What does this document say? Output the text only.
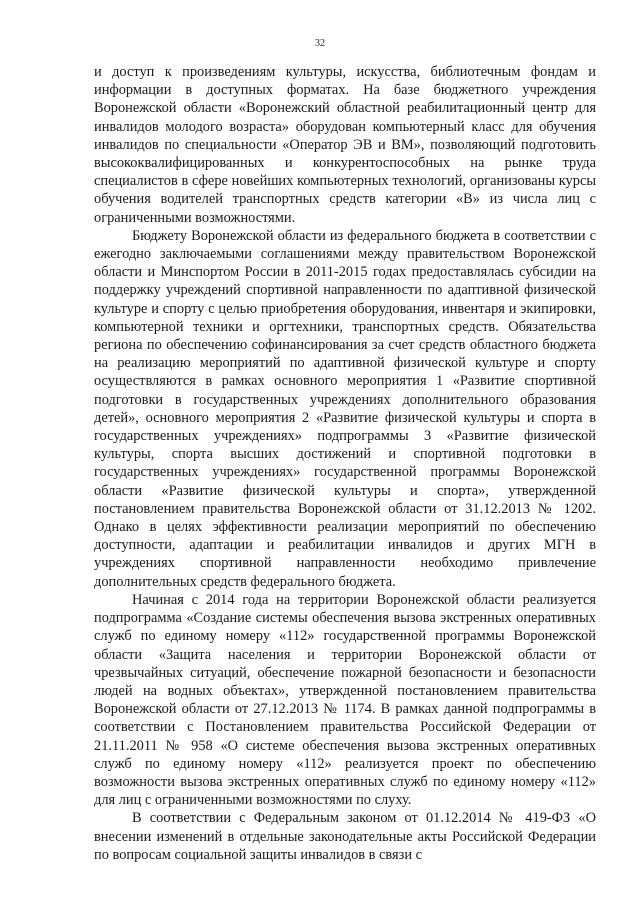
32

и доступ к произведениям культуры, искусства, библиотечным фондам и информации в доступных форматах. На базе бюджетного учреждения Воронежской области «Воронежский областной реабилитационный центр для инвалидов молодого возраста» оборудован компьютерный класс для обучения инвалидов по специальности «Оператор ЭВ и ВМ», позволяющий подготовить высококвалифицированных и конкурентоспособных на рынке труда специалистов в сфере новейших компьютерных технологий, организованы курсы обучения водителей транспортных средств категории «В» из числа лиц с ограниченными возможностями.

Бюджету Воронежской области из федерального бюджета в соответствии с ежегодно заключаемыми соглашениями между правительством Воронежской области и Минспортом России в 2011-2015 годах предоставлялась субсидии на поддержку учреждений спортивной направленности по адаптивной физической культуре и спорту с целью приобретения оборудования, инвентаря и экипировки, компьютерной техники и оргтехники, транспортных средств. Обязательства региона по обеспечению софинансирования за счет средств областного бюджета на реализацию мероприятий по адаптивной физической культуре и спорту осуществляются в рамках основного мероприятия 1 «Развитие спортивной подготовки в государственных учреждениях дополнительного образования детей», основного мероприятия 2 «Развитие физической культуры и спорта в государственных учреждениях» подпрограммы 3 «Развитие физической культуры, спорта высших достижений и спортивной подготовки в государственных учреждениях» государственной программы Воронежской области «Развитие физической культуры и спорта», утвержденной постановлением правительства Воронежской области от 31.12.2013 № 1202. Однако в целях эффективности реализации мероприятий по обеспечению доступности, адаптации и реабилитации инвалидов и других МГН в учреждениях спортивной направленности необходимо привлечение дополнительных средств федерального бюджета.

Начиная с 2014 года на территории Воронежской области реализуется подпрограмма «Создание системы обеспечения вызова экстренных оперативных служб по единому номеру «112» государственной программы Воронежской области «Защита населения и территории Воронежской области от чрезвычайных ситуаций, обеспечение пожарной безопасности и безопасности людей на водных объектах», утвержденной постановлением правительства Воронежской области от 27.12.2013 № 1174. В рамках данной подпрограммы в соответствии с Постановлением правительства Российской Федерации от 21.11.2011 № 958 «О системе обеспечения вызова экстренных оперативных служб по единому номеру «112» реализуется проект по обеспечению возможности вызова экстренных оперативных служб по единому номеру «112» для лиц с ограниченными возможностями по слуху.

В соответствии с Федеральным законом от 01.12.2014 № 419-ФЗ «О внесении изменений в отдельные законодательные акты Российской Федерации по вопросам социальной защиты инвалидов в связи с
